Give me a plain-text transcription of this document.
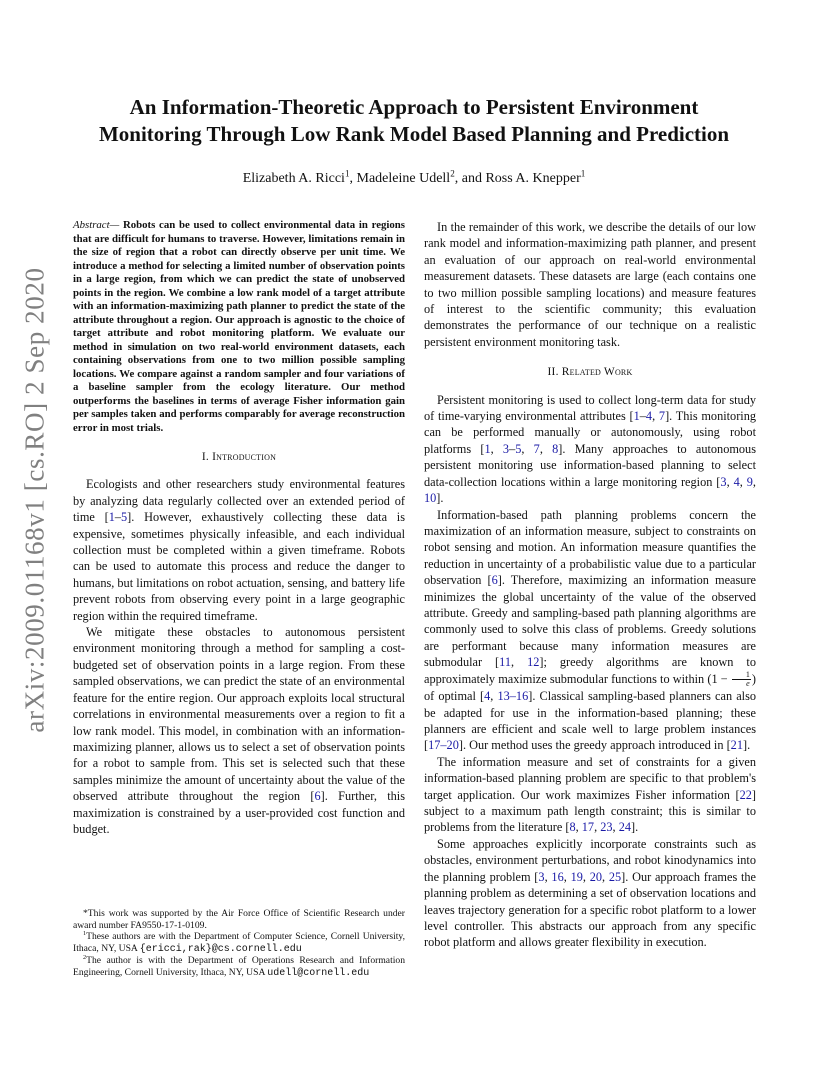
arXiv:2009.01168v1 [cs.RO] 2 Sep 2020
An Information-Theoretic Approach to Persistent Environment
Monitoring Through Low Rank Model Based Planning and Prediction
Elizabeth A. Ricci$^1$, Madeleine Udell$^2$, and Ross A. Knepper$^1$

Abstract— Robots can be used to collect environmental data in regions that are difficult for humans to traverse. However, limitations remain in the size of region that a robot can directly observe per unit time. We introduce a method for selecting a limited number of observation points in a large region, from which we can predict the state of unobserved points in the region. We combine a low rank model of a target attribute with an information-maximizing path planner to predict the state of the attribute throughout a region. Our approach is agnostic to the choice of target attribute and robot monitoring platform. We evaluate our method in simulation on two real-world environment datasets, each containing observations from one to two million possible sampling locations. We compare against a random sampler and four variations of a baseline sampler from the ecology literature. Our method outperforms the baselines in terms of average Fisher information gain per samples taken and performs comparably for average reconstruction error in most trials.

I. Introduction

Ecologists and other researchers study environmental features by analyzing data regularly collected over an extended period of time [1–5]. However, exhaustively collecting these data is expensive, sometimes physically infeasible, and each individual collection must be completed within a given timeframe. Robots can be used to automate this process and reduce the danger to humans, but limitations on robot actuation, sensing, and battery life prevent robots from observing every point in a large geographic region within the required timeframe.

We mitigate these obstacles to autonomous persistent environment monitoring through a method for sampling a cost-budgeted set of observation points in a large region. From these sampled observations, we can predict the state of an environmental feature for the entire region. Our approach exploits local structural correlations in environmental measurements over a region to fit a low rank model. This model, in combination with an information-maximizing planner, allows us to select a set of observation points for a robot to sample from. This set is selected such that these samples minimize the amount of uncertainty about the value of the observed attribute throughout the region [6]. Further, this maximization is constrained by a user-provided cost function and budget.

*This work was supported by the Air Force Office of Scientific Research under award number FA9550-17-1-0109.

$^1$These authors are with the Department of Computer Science, Cornell University, Ithaca, NY, USA {ericci,rak}@cs.cornell.edu

$^2$The author is with the Department of Operations Research and Information Engineering, Cornell University, Ithaca, NY, USA udell@cornell.edu

In the remainder of this work, we describe the details of our low rank model and information-maximizing path planner, and present an evaluation of our approach on real-world environmental measurement datasets. These datasets are large (each contains one to two million possible sampling locations) and measure features of interest to the scientific community; this evaluation demonstrates the performance of our technique on a realistic persistent environment monitoring task.

II. Related Work

Persistent monitoring is used to collect long-term data for study of time-varying environmental attributes [1–4, 7]. This monitoring can be performed manually or autonomously, using robot platforms [1, 3–5, 7, 8]. Many approaches to autonomous persistent monitoring use information-based planning to select data-collection locations within a large monitoring region [3, 4, 9, 10].

Information-based path planning problems concern the maximization of an information measure, subject to constraints on robot sensing and motion. An information measure quantifies the reduction in uncertainty of a probabilistic value due to a particular observation [6]. Therefore, maximizing an information measure minimizes the global uncertainty of the value of the observed attribute. Greedy and sampling-based path planning algorithms are commonly used to solve this class of problems. Greedy solutions are performant because many information measures are submodular [11, 12]; greedy algorithms are known to approximately maximize submodular functions to within ($1 - \frac{1}{e}$ ) of optimal [4, 13–16]. Classical sampling-based planners can also be adapted for use in the information-based planning; these planners are efficient and scale well to large problem instances [17–20]. Our method uses the greedy approach introduced in [21].

The information measure and set of constraints for a given information-based planning problem are specific to that problem's target application. Our work maximizes Fisher information [22] subject to a maximum path length constraint; this is similar to problems from the literature [8, 17, 23, 24].

Some approaches explicitly incorporate constraints such as obstacles, environment perturbations, and robot kinodynamics into the planning problem [3, 16, 19, 20, 25]. Our approach frames the planning problem as determining a set of observation locations and leaves trajectory generation for a specific robot platform to a lower level controller. This abstracts our approach from any specific robot platform and allows greater flexibility in execution.
